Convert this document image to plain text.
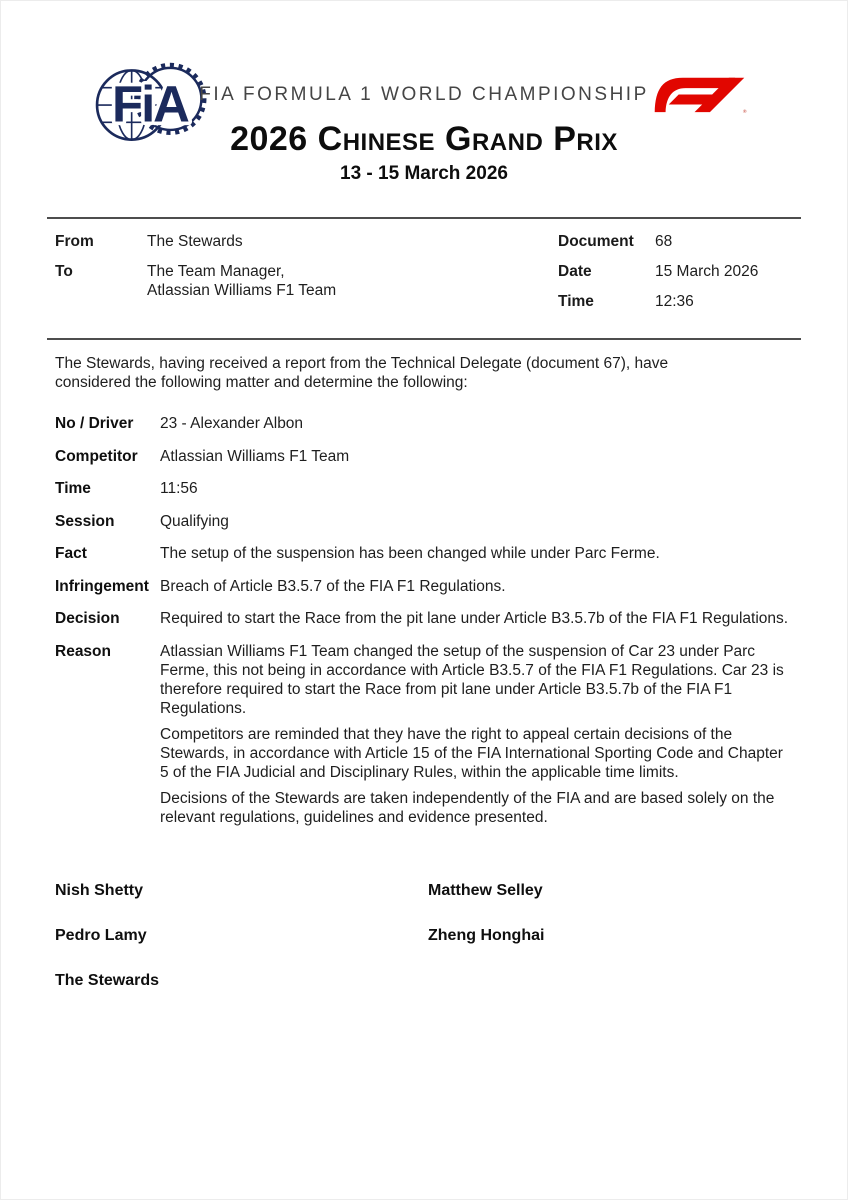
FiA FIA FORMULA 1 WORLD CHAMPIONSHIP
®
2026 Chinese Grand Prix
13 - 15 March 2026
From	The Stewards
To	The Team Manager,
Atlassian Williams F1 Team
Document	68
Date	15 March 2026
Time	12:36

The Stewards, having received a report from the Technical Delegate (document 67), have considered the following matter and determine the following:

No / Driver	23 - Alexander Albon
Competitor	Atlassian Williams F1 Team
Time	11:56
Session	Qualifying
Fact	The setup of the suspension has been changed while under Parc Ferme.
Infringement Breach of Article B3.5.7 of the FIA F1 Regulations.
Decision	Required to start the Race from the pit lane under Article B3.5.7b of the FIA F1 Regulations.
Reason	Atlassian Williams F1 Team changed the setup of the suspension of Car 23 under Parc Ferme, this not being in accordance with Article B3.5.7 of the FIA F1 Regulations. Car 23 is therefore required to start the Race from pit lane under Article B3.5.7b of the FIA F1 Regulations.

Competitors are reminded that they have the right to appeal certain decisions of the Stewards, in accordance with Article 15 of the FIA International Sporting Code and Chapter 5 of the FIA Judicial and Disciplinary Rules, within the applicable time limits.

Decisions of the Stewards are taken independently of the FIA and are based solely on the relevant regulations, guidelines and evidence presented.

Nish Shetty	Matthew Selley
Pedro Lamy	Zheng Honghai
The Stewards
